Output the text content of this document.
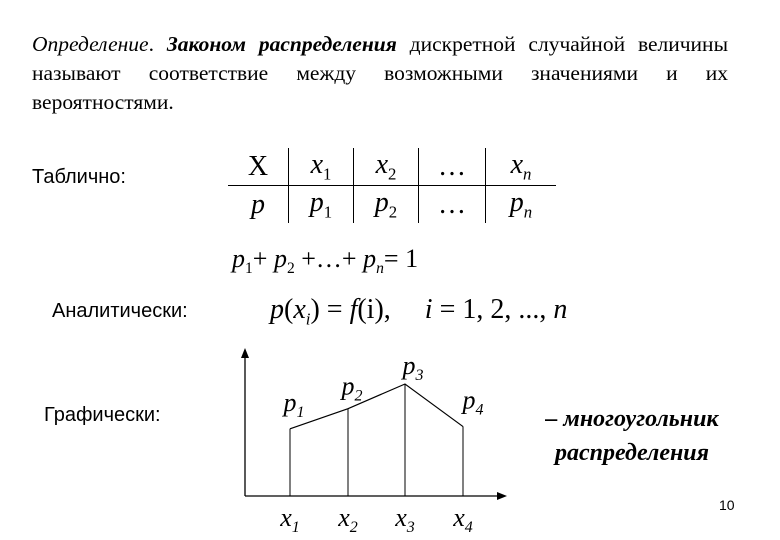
Определение. Законом распределения дискретной случайной величины называют соответствие между возможными значениями и их вероятностями.
Таблично:	X	$x_1$	$x_2$	…	$x_n$
p	$p_1$	$p_2$	…	$p_n$
$p_1+ p_2$ +…+ $p_n= 1$
Аналитически:	$p(x_i) = f(i)$, i = 1, 2, ..., n
Графически:
$x_1$ $x_2$ $x_3$ $x_4$
$p_1$
$p_2$
$p_3$
$p_4$	– многоугольник
распределения
10
